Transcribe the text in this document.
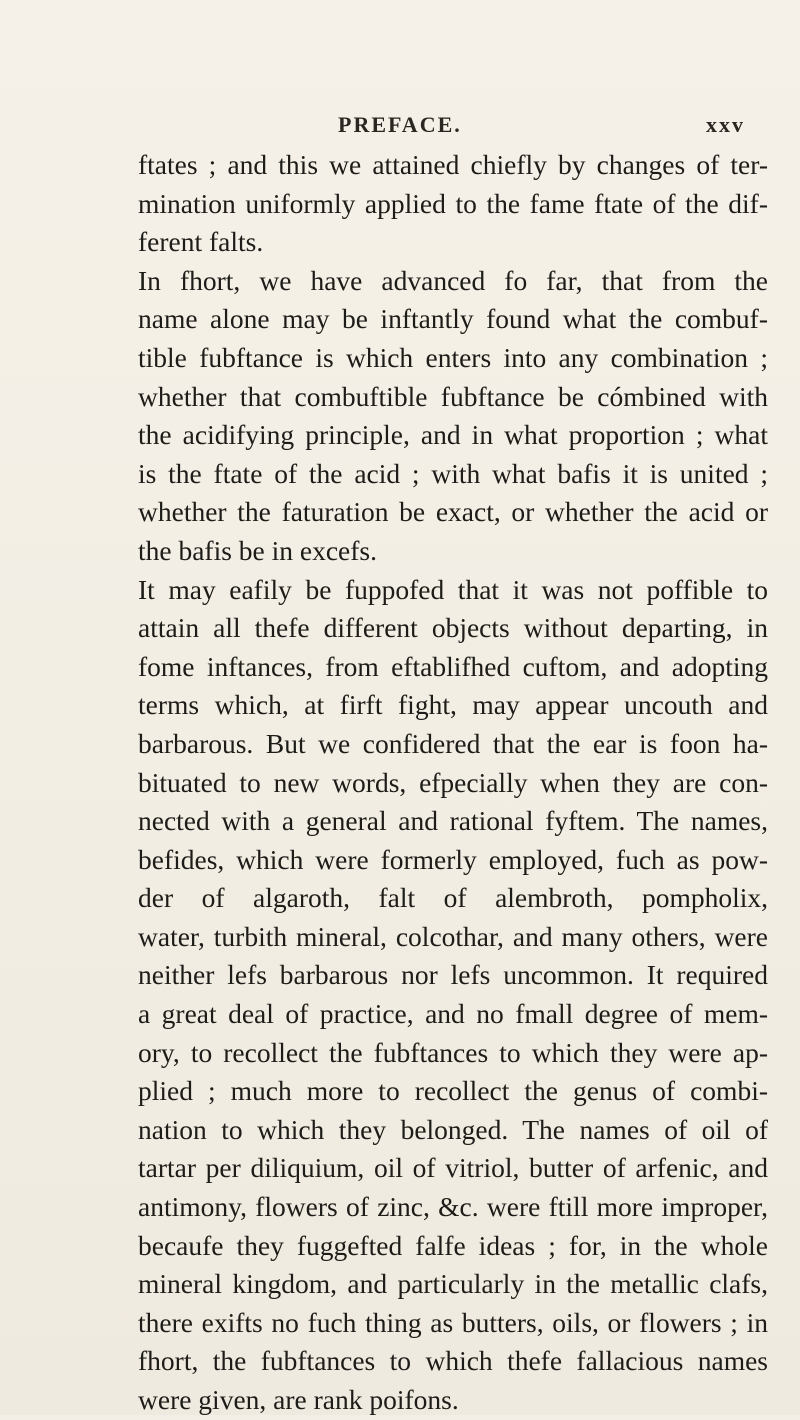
PREFACE.	xxv
ftates ; and this we attained chiefly by changes of ter-
mination uniformly applied to the fame ftate of the dif-
ferent falts.
In fhort, we have advanced fo far, that from the
name alone may be inftantly found what the combuf-
tible fubftance is which enters into any combination ;
whether that combuftible fubftance be cómbined with
the acidifying principle, and in what proportion ; what
is the ftate of the acid ; with what bafis it is united ;
whether the faturation be exact, or whether the acid or
the bafis be in excefs.
It may eafily be fuppofed that it was not poffible to
attain all thefe different objects without departing, in
fome inftances, from eftablifhed cuftom, and adopting
terms which, at firft fight, may appear uncouth and
barbarous. But we confidered that the ear is foon ha-
bituated to new words, efpecially when they are con-
nected with a general and rational fyftem. The names,
befides, which were formerly employed, fuch as pow-
der of algaroth, falt of alembroth, pompholix,
water, turbith mineral, colcothar, and many others, were
neither lefs barbarous nor lefs uncommon. It required
a great deal of practice, and no fmall degree of mem-
ory, to recollect the fubftances to which they were ap-
plied ; much more to recollect the genus of combi-
nation to which they belonged. The names of oil of
tartar per diliquium, oil of vitriol, butter of arfenic, and
antimony, flowers of zinc, &c. were ftill more improper,
becaufe they fuggefted falfe ideas ; for, in the whole
mineral kingdom, and particularly in the metallic clafs,
there exifts no fuch thing as butters, oils, or flowers ; in
fhort, the fubftances to which thefe fallacious names
were given, are rank poifons.
